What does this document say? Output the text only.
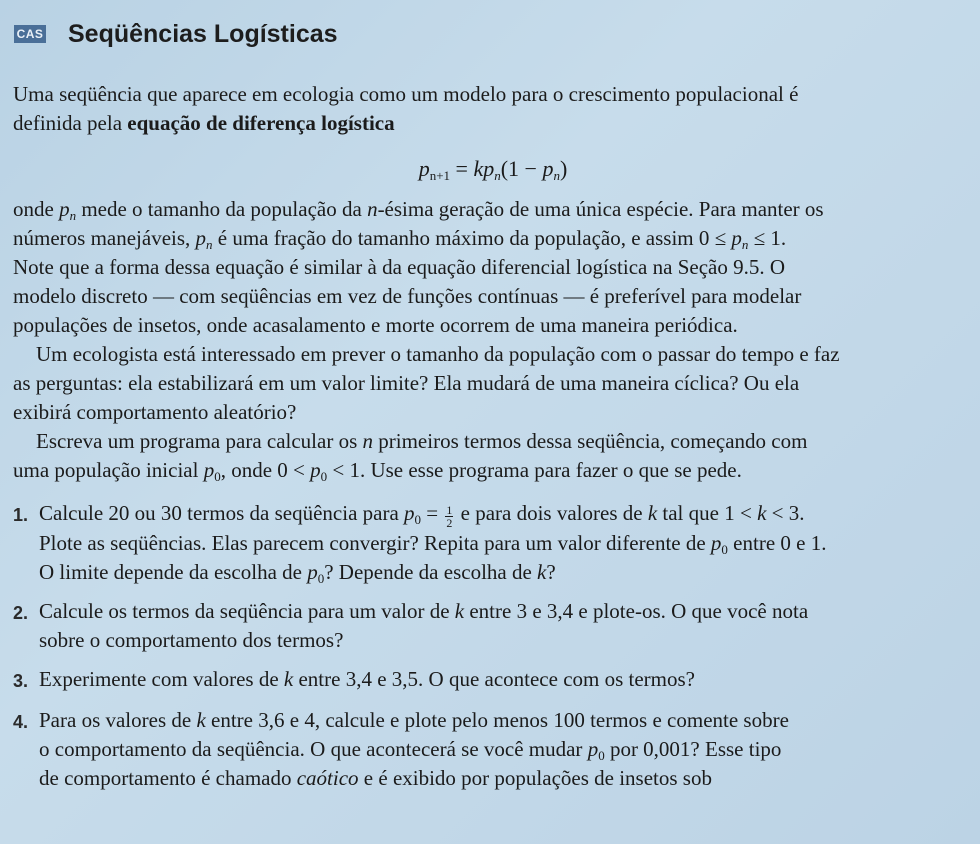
CAS Seqüências Logísticas
Uma seqüência que aparece em ecologia como um modelo para o crescimento populacional é
definida pela equação de diferença logística
$p_{n+1} = kp_n(1 - p_n)$
onde $p_n$ mede o tamanho da população da n-ésima geração de uma única espécie. Para manter os
números manejáveis, $p_n$ é uma fração do tamanho máximo da população, e assim $0 \le p_n \le 1$.
Note que a forma dessa equação é similar à da equação diferencial logística na Seção 9.5. O
modelo discreto — com seqüências em vez de funções contínuas — é preferível para modelar
populações de insetos, onde acasalamento e morte ocorrem de uma maneira periódica.
Um ecologista está interessado em prever o tamanho da população com o passar do tempo e faz
as perguntas: ela estabilizará em um valor limite? Ela mudará de uma maneira cíclica? Ou ela
exibirá comportamento aleatório?
Escreva um programa para calcular os n primeiros termos dessa seqüência, começando com
uma população inicial $p_0$, onde $0 < p_0 < 1$. Use esse programa para fazer o que se pede.
1. Calcule 20 ou 30 termos da seqüência para $p_0 = \frac{1}{2}$ e para dois valores de k tal que 1 < k < 3.
Plote as seqüências. Elas parecem convergir? Repita para um valor diferente de $p_0$ entre 0 e 1.
O limite depende da escolha de $p_0$? Depende da escolha de k?
2. Calcule os termos da seqüência para um valor de k entre 3 e 3,4 e plote-os. O que você nota
sobre o comportamento dos termos?
3. Experimente com valores de k entre 3,4 e 3,5. O que acontece com os termos?
4. Para os valores de k entre 3,6 e 4, calcule e plote pelo menos 100 termos e comente sobre
o comportamento da seqüência. O que acontecerá se você mudar $p_0$ por 0,001? Esse tipo
de comportamento é chamado caótico e é exibido por populações de insetos sob
